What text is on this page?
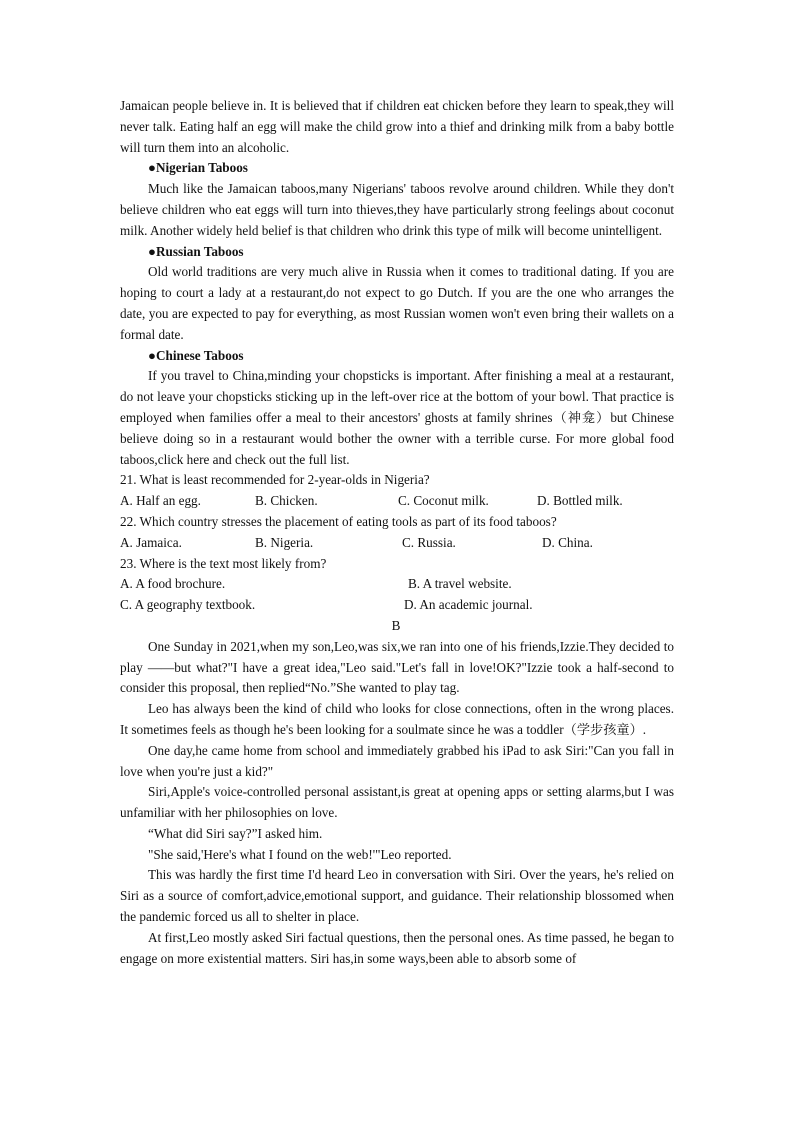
Jamaican people believe in. It is believed that if children eat chicken before they learn to speak,they will never talk. Eating half an egg will make the child grow into a thief and drinking milk from a baby bottle will turn them into an alcoholic.

●Nigerian Taboos

Much like the Jamaican taboos,many Nigerians' taboos revolve around children. While they don't believe children who eat eggs will turn into thieves,they have particularly strong feelings about coconut milk. Another widely held belief is that children who drink this type of milk will become unintelligent.

●Russian Taboos

Old world traditions are very much alive in Russia when it comes to traditional dating. If you are hoping to court a lady at a restaurant,do not expect to go Dutch. If you are the one who arranges the date, you are expected to pay for everything, as most Russian women won't even bring their wallets on a formal date.

●Chinese Taboos

If you travel to China,minding your chopsticks is important. After finishing a meal at a restaurant, do not leave your chopsticks sticking up in the left-over rice at the bottom of your bowl. That practice is employed when families offer a meal to their ancestors' ghosts at family shrines（神龛）but Chinese believe doing so in a restaurant would bother the owner with a terrible curse. For more global food taboos,click here and check out the full list.

21. What is least recommended for 2-year-olds in Nigeria?

A. Half an egg.	B. Chicken.	C. Coconut milk.	D. Bottled milk.

22. Which country stresses the placement of eating tools as part of its food taboos?

A. Jamaica.	B. Nigeria.	C. Russia.	D. China.

23. Where is the text most likely from?

A. A food brochure.	B. A travel website.
C. A geography textbook.	D. An academic journal.

B

One Sunday in 2021,when my son,Leo,was six,we ran into one of his friends,Izzie.They decided to play ——but what?"I have a great idea,"Leo said."Let's fall in love!OK?"Izzie took a half-second to consider this proposal, then replied“No.”She wanted to play tag.

Leo has always been the kind of child who looks for close connections, often in the wrong places. It sometimes feels as though he's been looking for a soulmate since he was a toddler（学步孩童）.

One day,he came home from school and immediately grabbed his iPad to ask Siri:"Can you fall in love when you're just a kid?"

Siri,Apple's voice-controlled personal assistant,is great at opening apps or setting alarms,but I was unfamiliar with her philosophies on love.

“What did Siri say?”I asked him.

"She said,'Here's what I found on the web!'"Leo reported.

This was hardly the first time I'd heard Leo in conversation with Siri. Over the years, he's relied on Siri as a source of comfort,advice,emotional support, and guidance. Their relationship blossomed when the pandemic forced us all to shelter in place.

At first,Leo mostly asked Siri factual questions, then the personal ones. As time passed, he began to engage on more existential matters. Siri has,in some ways,been able to absorb some of
